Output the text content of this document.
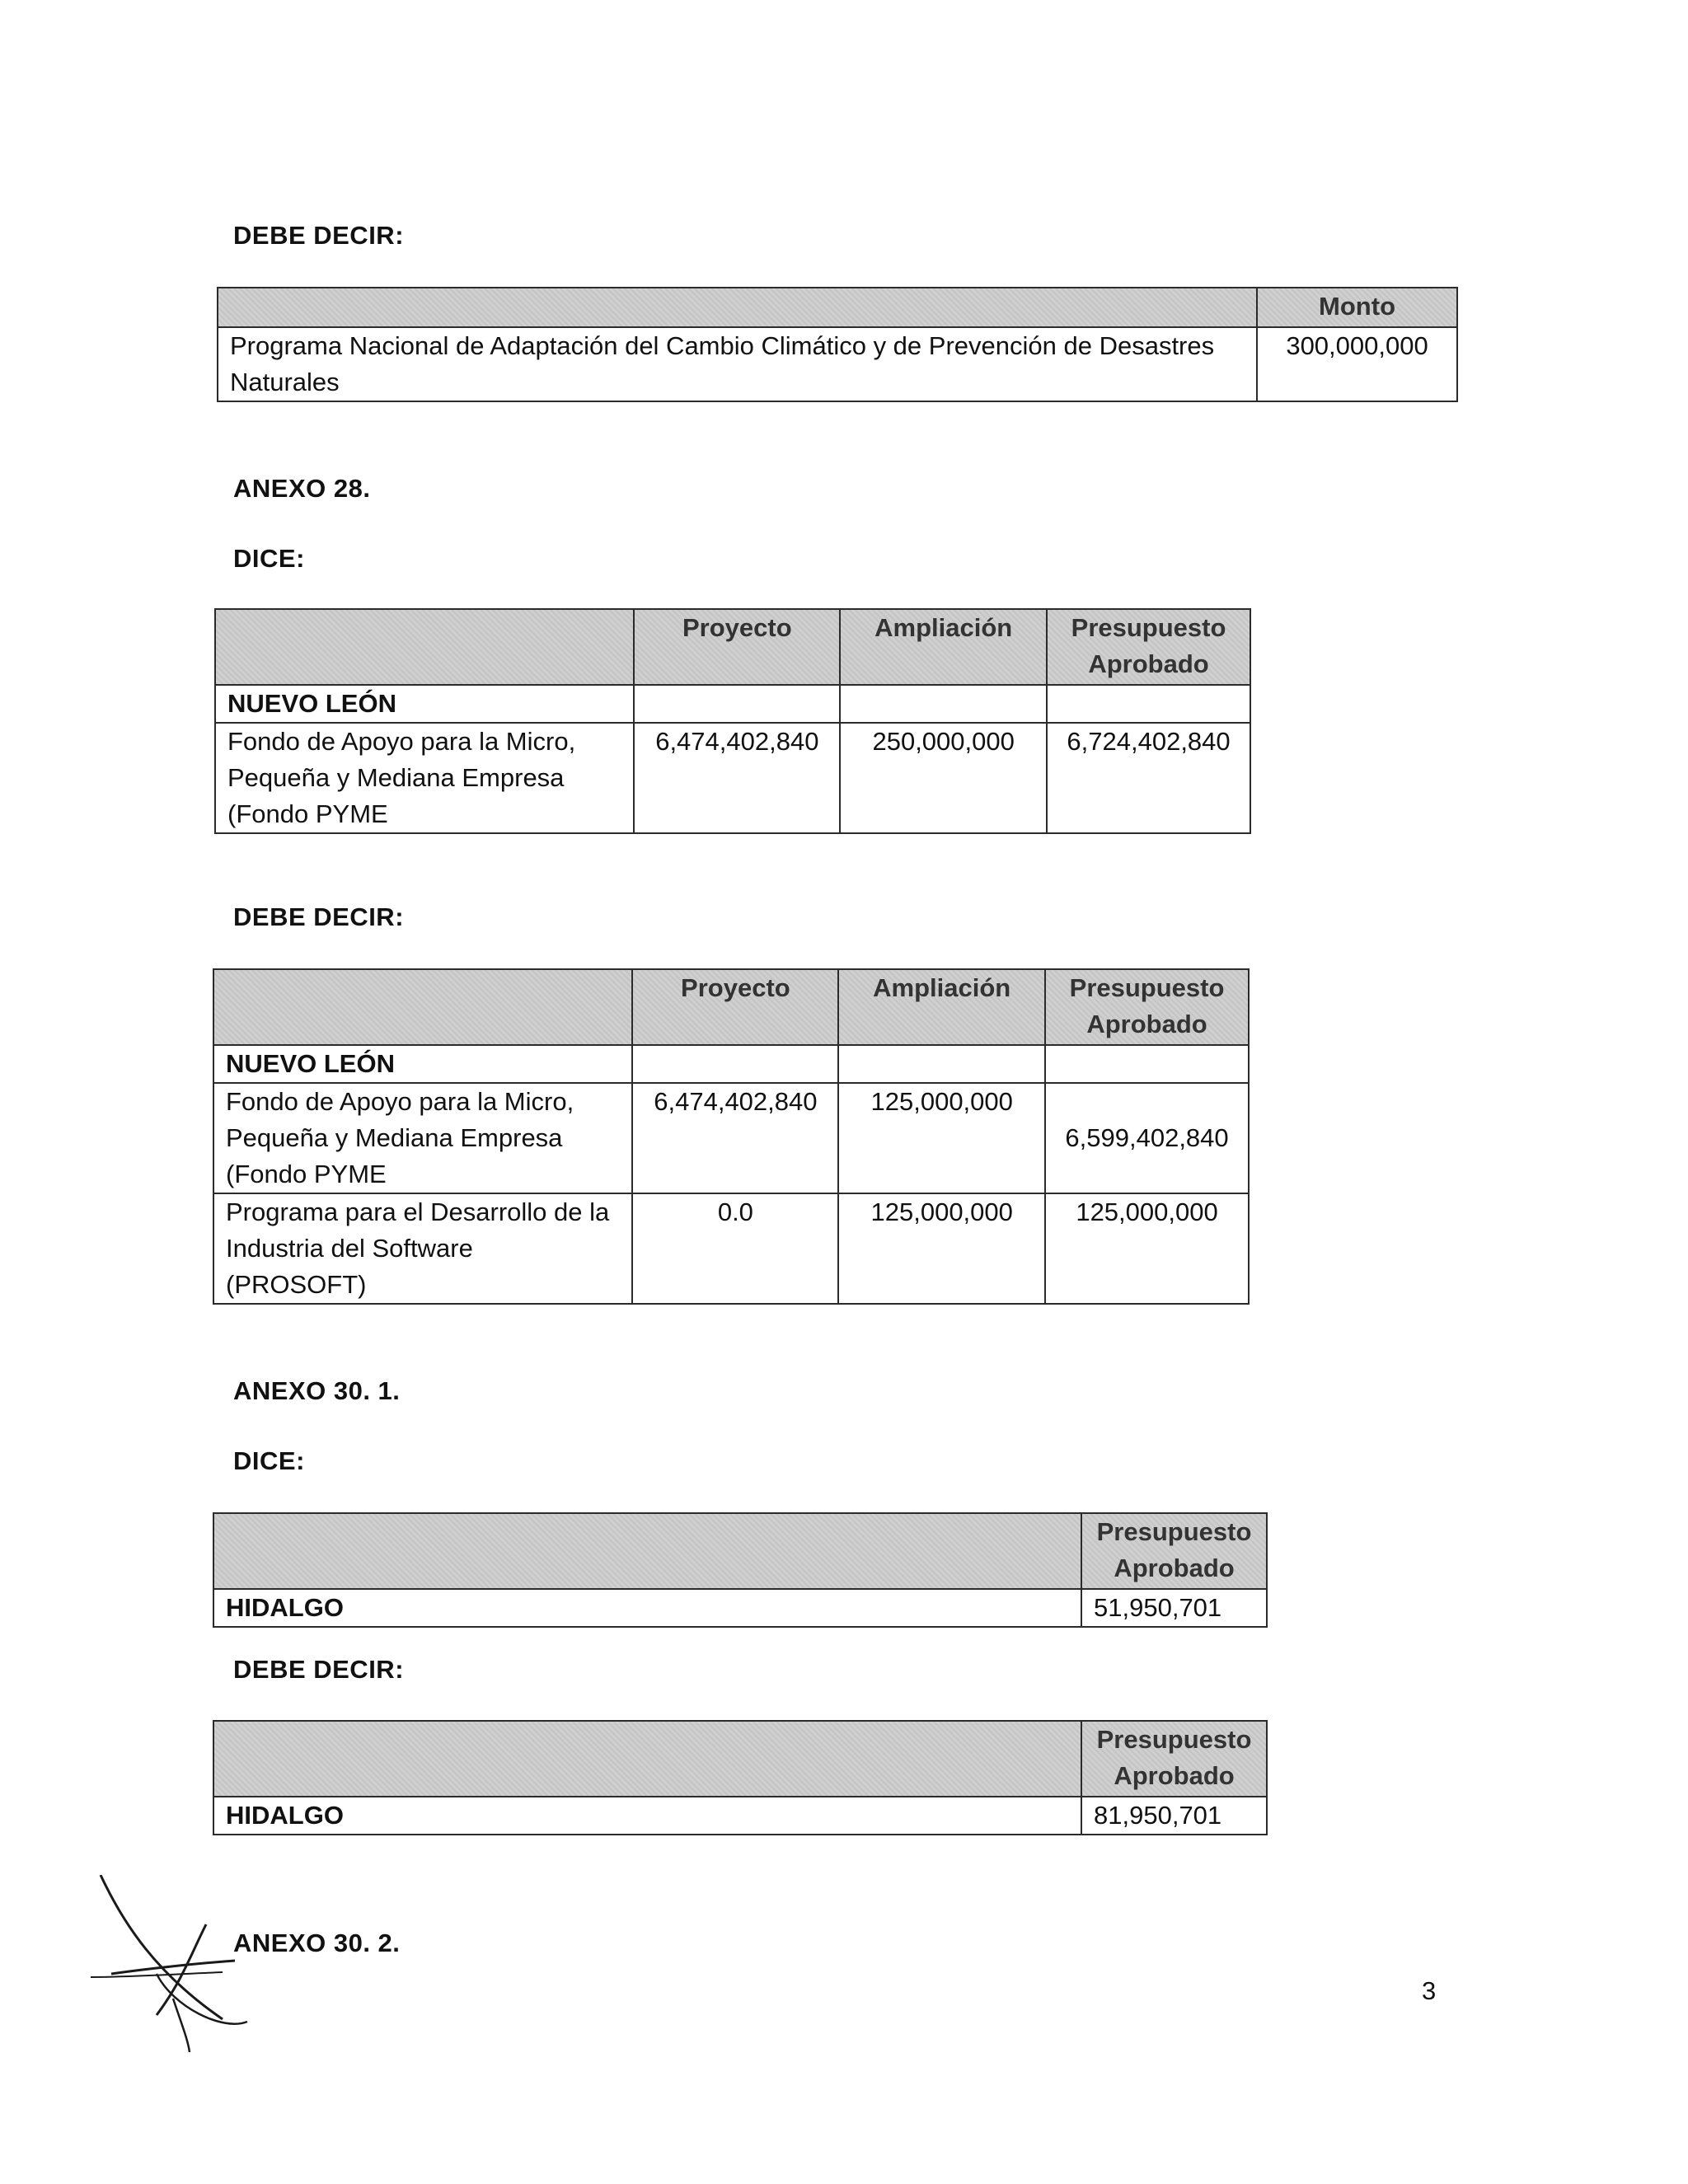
DEBE DECIR:
	Monto
Programa Nacional de Adaptación del Cambio Climático y de Prevención de Desastres Naturales	300,000,000
ANEXO 28.
DICE:
	Proyecto	Ampliación	Presupuesto Aprobado
NUEVO LEÓN			
Fondo de Apoyo para la Micro, Pequeña y Mediana Empresa (Fondo PYME	6,474,402,840	250,000,000	6,724,402,840
DEBE DECIR:
	Proyecto	Ampliación	Presupuesto Aprobado
NUEVO LEÓN			
Fondo de Apoyo para la Micro, Pequeña y Mediana Empresa (Fondo PYME	6,474,402,840	125,000,000	6,599,402,840
Programa para el Desarrollo de la Industria del Software (PROSOFT)	0.0	125,000,000	125,000,000
ANEXO 30. 1.
DICE:
	Presupuesto Aprobado
HIDALGO	51,950,701
DEBE DECIR:
	Presupuesto Aprobado
HIDALGO	81,950,701
ANEXO 30. 2.
3
